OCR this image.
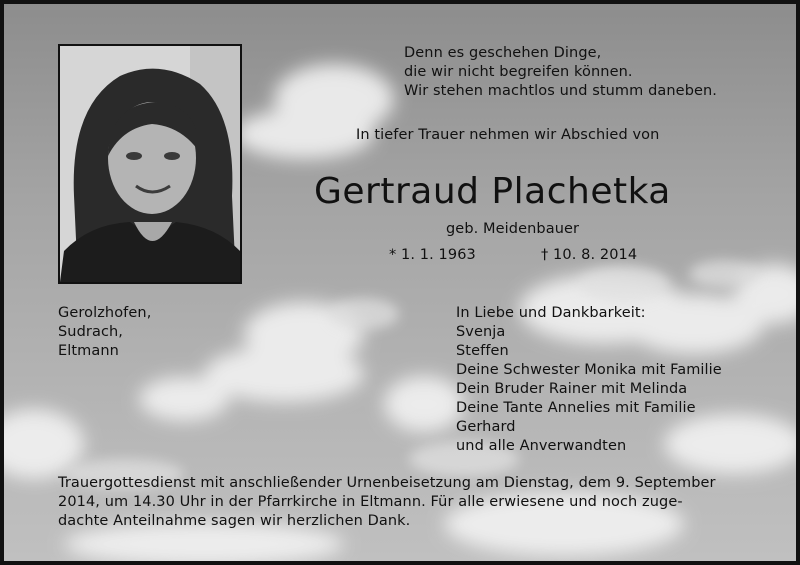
Denn es geschehen Dinge,
die wir nicht begreifen können.
Wir stehen machtlos und stumm daneben.
In tiefer Trauer nehmen wir Abschied von
Gertraud Plachetka
geb. Meidenbauer
* 1. 1. 1963	† 10. 8. 2014
Gerolzhofen,
Sudrach,
Eltmann
In Liebe und Dankbarkeit:
Svenja
Steffen
Deine Schwester Monika mit Familie
Dein Bruder Rainer mit Melinda
Deine Tante Annelies mit Familie
Gerhard
und alle Anverwandten
Trauergottesdienst mit anschließender Urnenbeisetzung am Dienstag, dem 9. September
2014, um 14.30 Uhr in der Pfarrkirche in Eltmann. Für alle erwiesene und noch zuge-
dachte Anteilnahme sagen wir herzlichen Dank.
